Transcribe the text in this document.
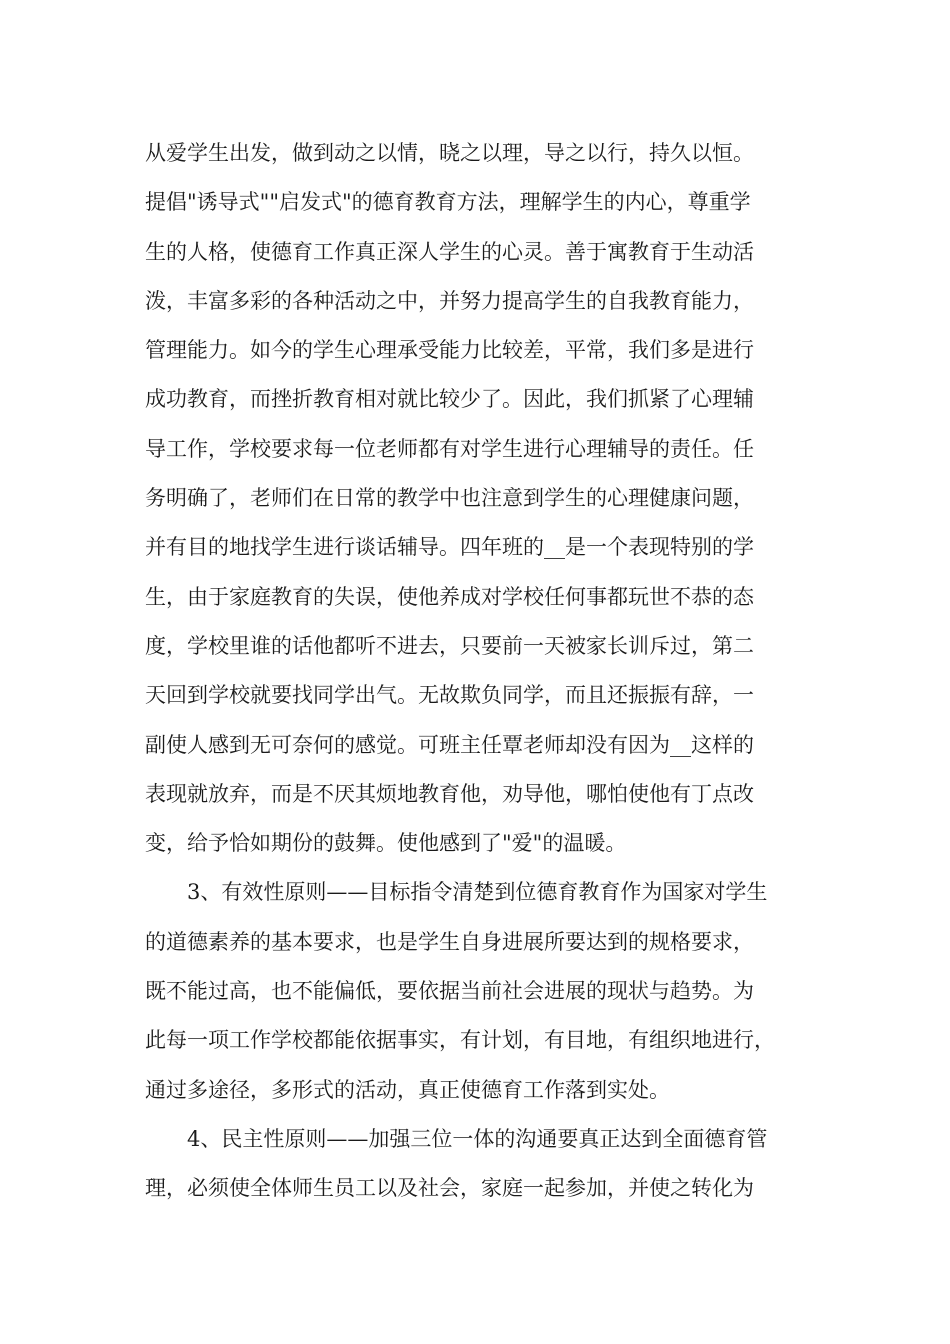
从爱学生出发，做到动之以情，晓之以理，导之以行，持久以恒。
提倡"诱导式""启发式"的德育教育方法，理解学生的内心，尊重学
生的人格，使德育工作真正深人学生的心灵。善于寓教育于生动活
泼，丰富多彩的各种活动之中，并努力提高学生的自我教育能力，
管理能力。如今的学生心理承受能力比较差，平常，我们多是进行
成功教育，而挫折教育相对就比较少了。因此，我们抓紧了心理辅
导工作，学校要求每一位老师都有对学生进行心理辅导的责任。任
务明确了，老师们在日常的教学中也注意到学生的心理健康问题，
并有目的地找学生进行谈话辅导。四年班的__是一个表现特别的学
生，由于家庭教育的失误，使他养成对学校任何事都玩世不恭的态
度，学校里谁的话他都听不进去，只要前一天被家长训斥过，第二
天回到学校就要找同学出气。无故欺负同学，而且还振振有辞，一
副使人感到无可奈何的感觉。可班主任覃老师却没有因为__这样的
表现就放弃，而是不厌其烦地教育他，劝导他，哪怕使他有丁点改
变，给予恰如期份的鼓舞。使他感到了"爱"的温暖。
3、有效性原则——目标指令清楚到位德育教育作为国家对学生
的道德素养的基本要求，也是学生自身进展所要达到的规格要求，
既不能过高，也不能偏低，要依据当前社会进展的现状与趋势。为
此每一项工作学校都能依据事实，有计划，有目地，有组织地进行，
通过多途径，多形式的活动，真正使德育工作落到实处。
4、民主性原则——加强三位一体的沟通要真正达到全面德育管
理，必须使全体师生员工以及社会，家庭一起参加，并使之转化为
